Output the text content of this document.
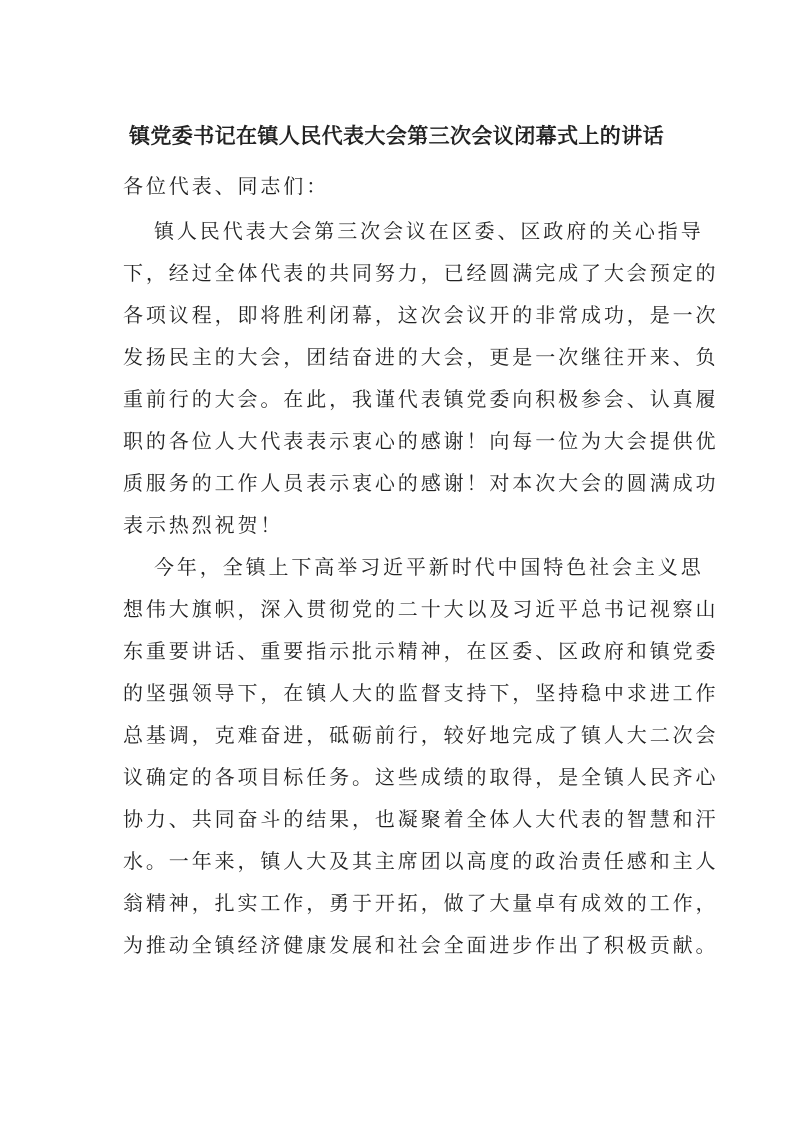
镇党委书记在镇人民代表大会第三次会议闭幕式上的讲话
各位代表、同志们：
镇人民代表大会第三次会议在区委、区政府的关心指导
下，经过全体代表的共同努力，已经圆满完成了大会预定的
各项议程，即将胜利闭幕，这次会议开的非常成功，是一次
发扬民主的大会，团结奋进的大会，更是一次继往开来、负
重前行的大会。在此，我谨代表镇党委向积极参会、认真履
职的各位人大代表表示衷心的感谢！向每一位为大会提供优
质服务的工作人员表示衷心的感谢！对本次大会的圆满成功
表示热烈祝贺！
今年，全镇上下高举习近平新时代中国特色社会主义思
想伟大旗帜，深入贯彻党的二十大以及习近平总书记视察山
东重要讲话、重要指示批示精神，在区委、区政府和镇党委
的坚强领导下，在镇人大的监督支持下，坚持稳中求进工作
总基调，克难奋进，砥砺前行，较好地完成了镇人大二次会
议确定的各项目标任务。这些成绩的取得，是全镇人民齐心
协力、共同奋斗的结果，也凝聚着全体人大代表的智慧和汗
水。一年来，镇人大及其主席团以高度的政治责任感和主人
翁精神，扎实工作，勇于开拓，做了大量卓有成效的工作，
为推动全镇经济健康发展和社会全面进步作出了积极贡献。
